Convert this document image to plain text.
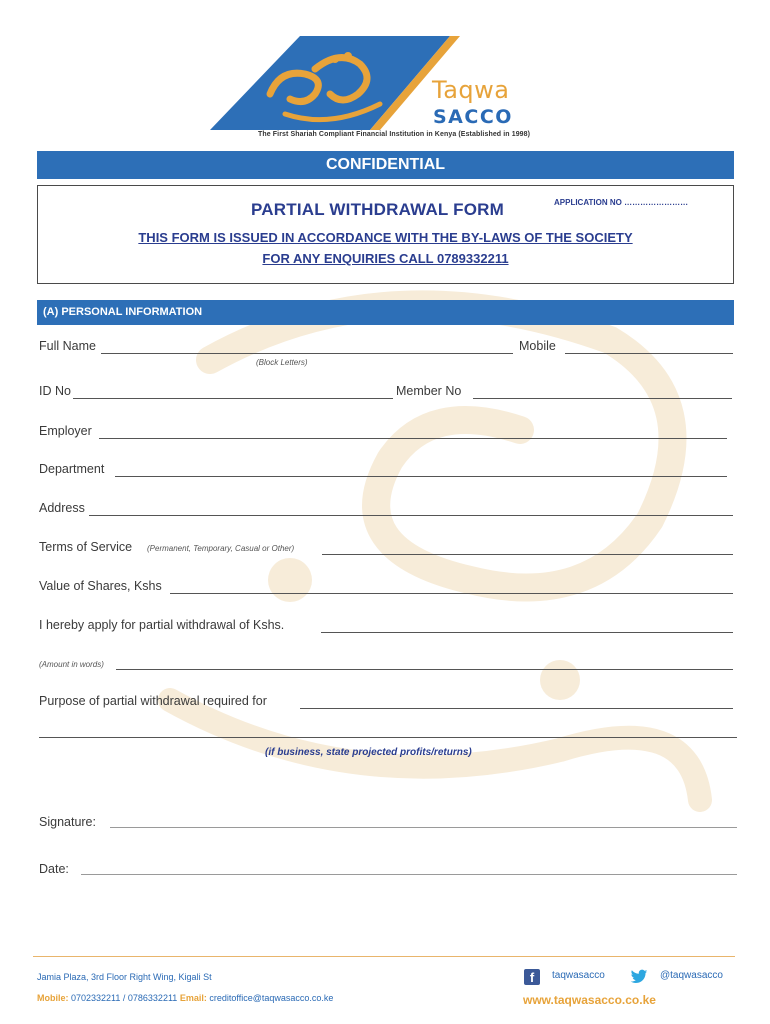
Taqwa
SACCO
The First Shariah Compliant Financial Institution in Kenya (Established in 1998)
CONFIDENTIAL
PARTIAL WITHDRAWAL FORM	APPLICATION NO ……………………
THIS FORM IS ISSUED IN ACCORDANCE WITH THE BY-LAWS OF THE SOCIETY
FOR ANY ENQUIRIES CALL 0789332211
(A) PERSONAL INFORMATION
Full Name	Mobile
(Block Letters)
ID No	Member No
Employer
Department
Address
Terms of Service (Permanent, Temporary, Casual or Other)
Value of Shares, Kshs
I hereby apply for partial withdrawal of Kshs.
(Amount in words)
Purpose of partial withdrawal required for
(if business, state projected profits/returns)
Signature:
Date:
Jamia Plaza, 3rd Floor Right Wing, Kigali St
Mobile: 0702332211 / 0786332211 Email: creditoffice@taqwasacco.co.ke
f	taqwasacco	@taqwasacco
www.taqwasacco.co.ke
